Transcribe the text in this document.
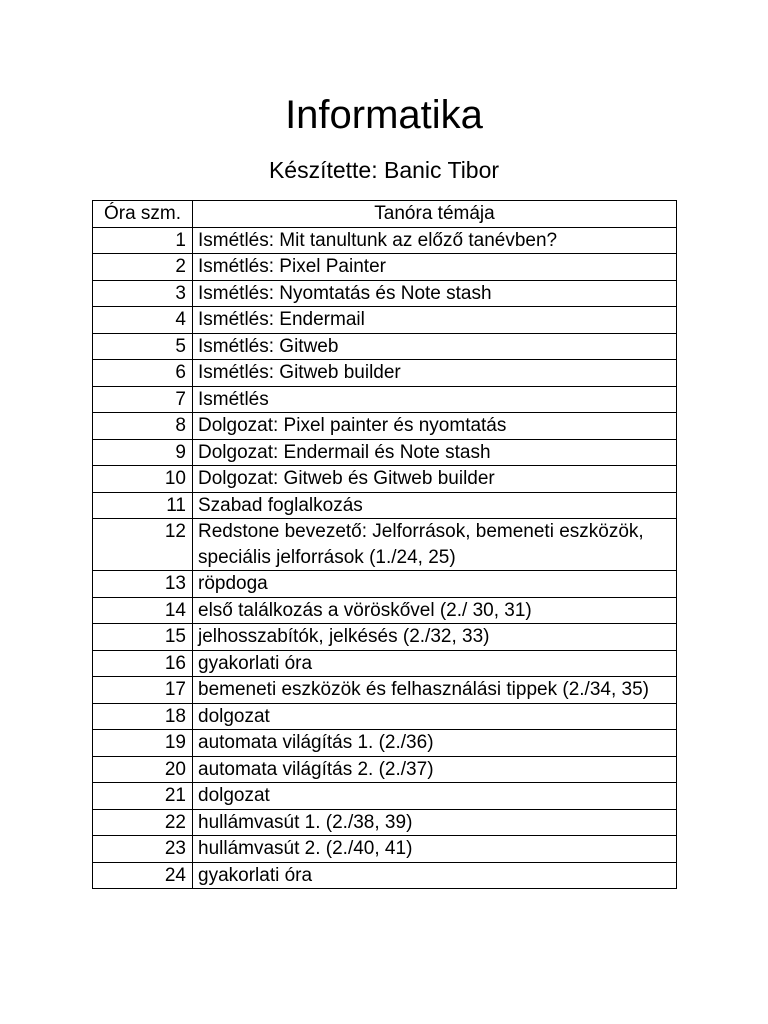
Informatika
Készítette: Banic Tibor
Óra szm.	Tanóra témája
1	Ismétlés: Mit tanultunk az előző tanévben?
2	Ismétlés: Pixel Painter
3	Ismétlés: Nyomtatás és Note stash
4	Ismétlés: Endermail
5	Ismétlés: Gitweb
6	Ismétlés: Gitweb builder
7	Ismétlés
8	Dolgozat: Pixel painter és nyomtatás
9	Dolgozat: Endermail és Note stash
10	Dolgozat: Gitweb és Gitweb builder
11	Szabad foglalkozás
12	Redstone bevezető: Jelforrások, bemeneti eszközök, speciális jelforrások (1./24, 25)
13	röpdoga
14	első találkozás a vöröskővel (2./ 30, 31)
15	jelhosszabítók, jelkésés (2./32, 33)
16	gyakorlati óra
17	bemeneti eszközök és felhasználási tippek (2./34, 35)
18	dolgozat
19	automata világítás 1. (2./36)
20	automata világítás 2. (2./37)
21	dolgozat
22	hullámvasút 1. (2./38, 39)
23	hullámvasút 2. (2./40, 41)
24	gyakorlati óra
